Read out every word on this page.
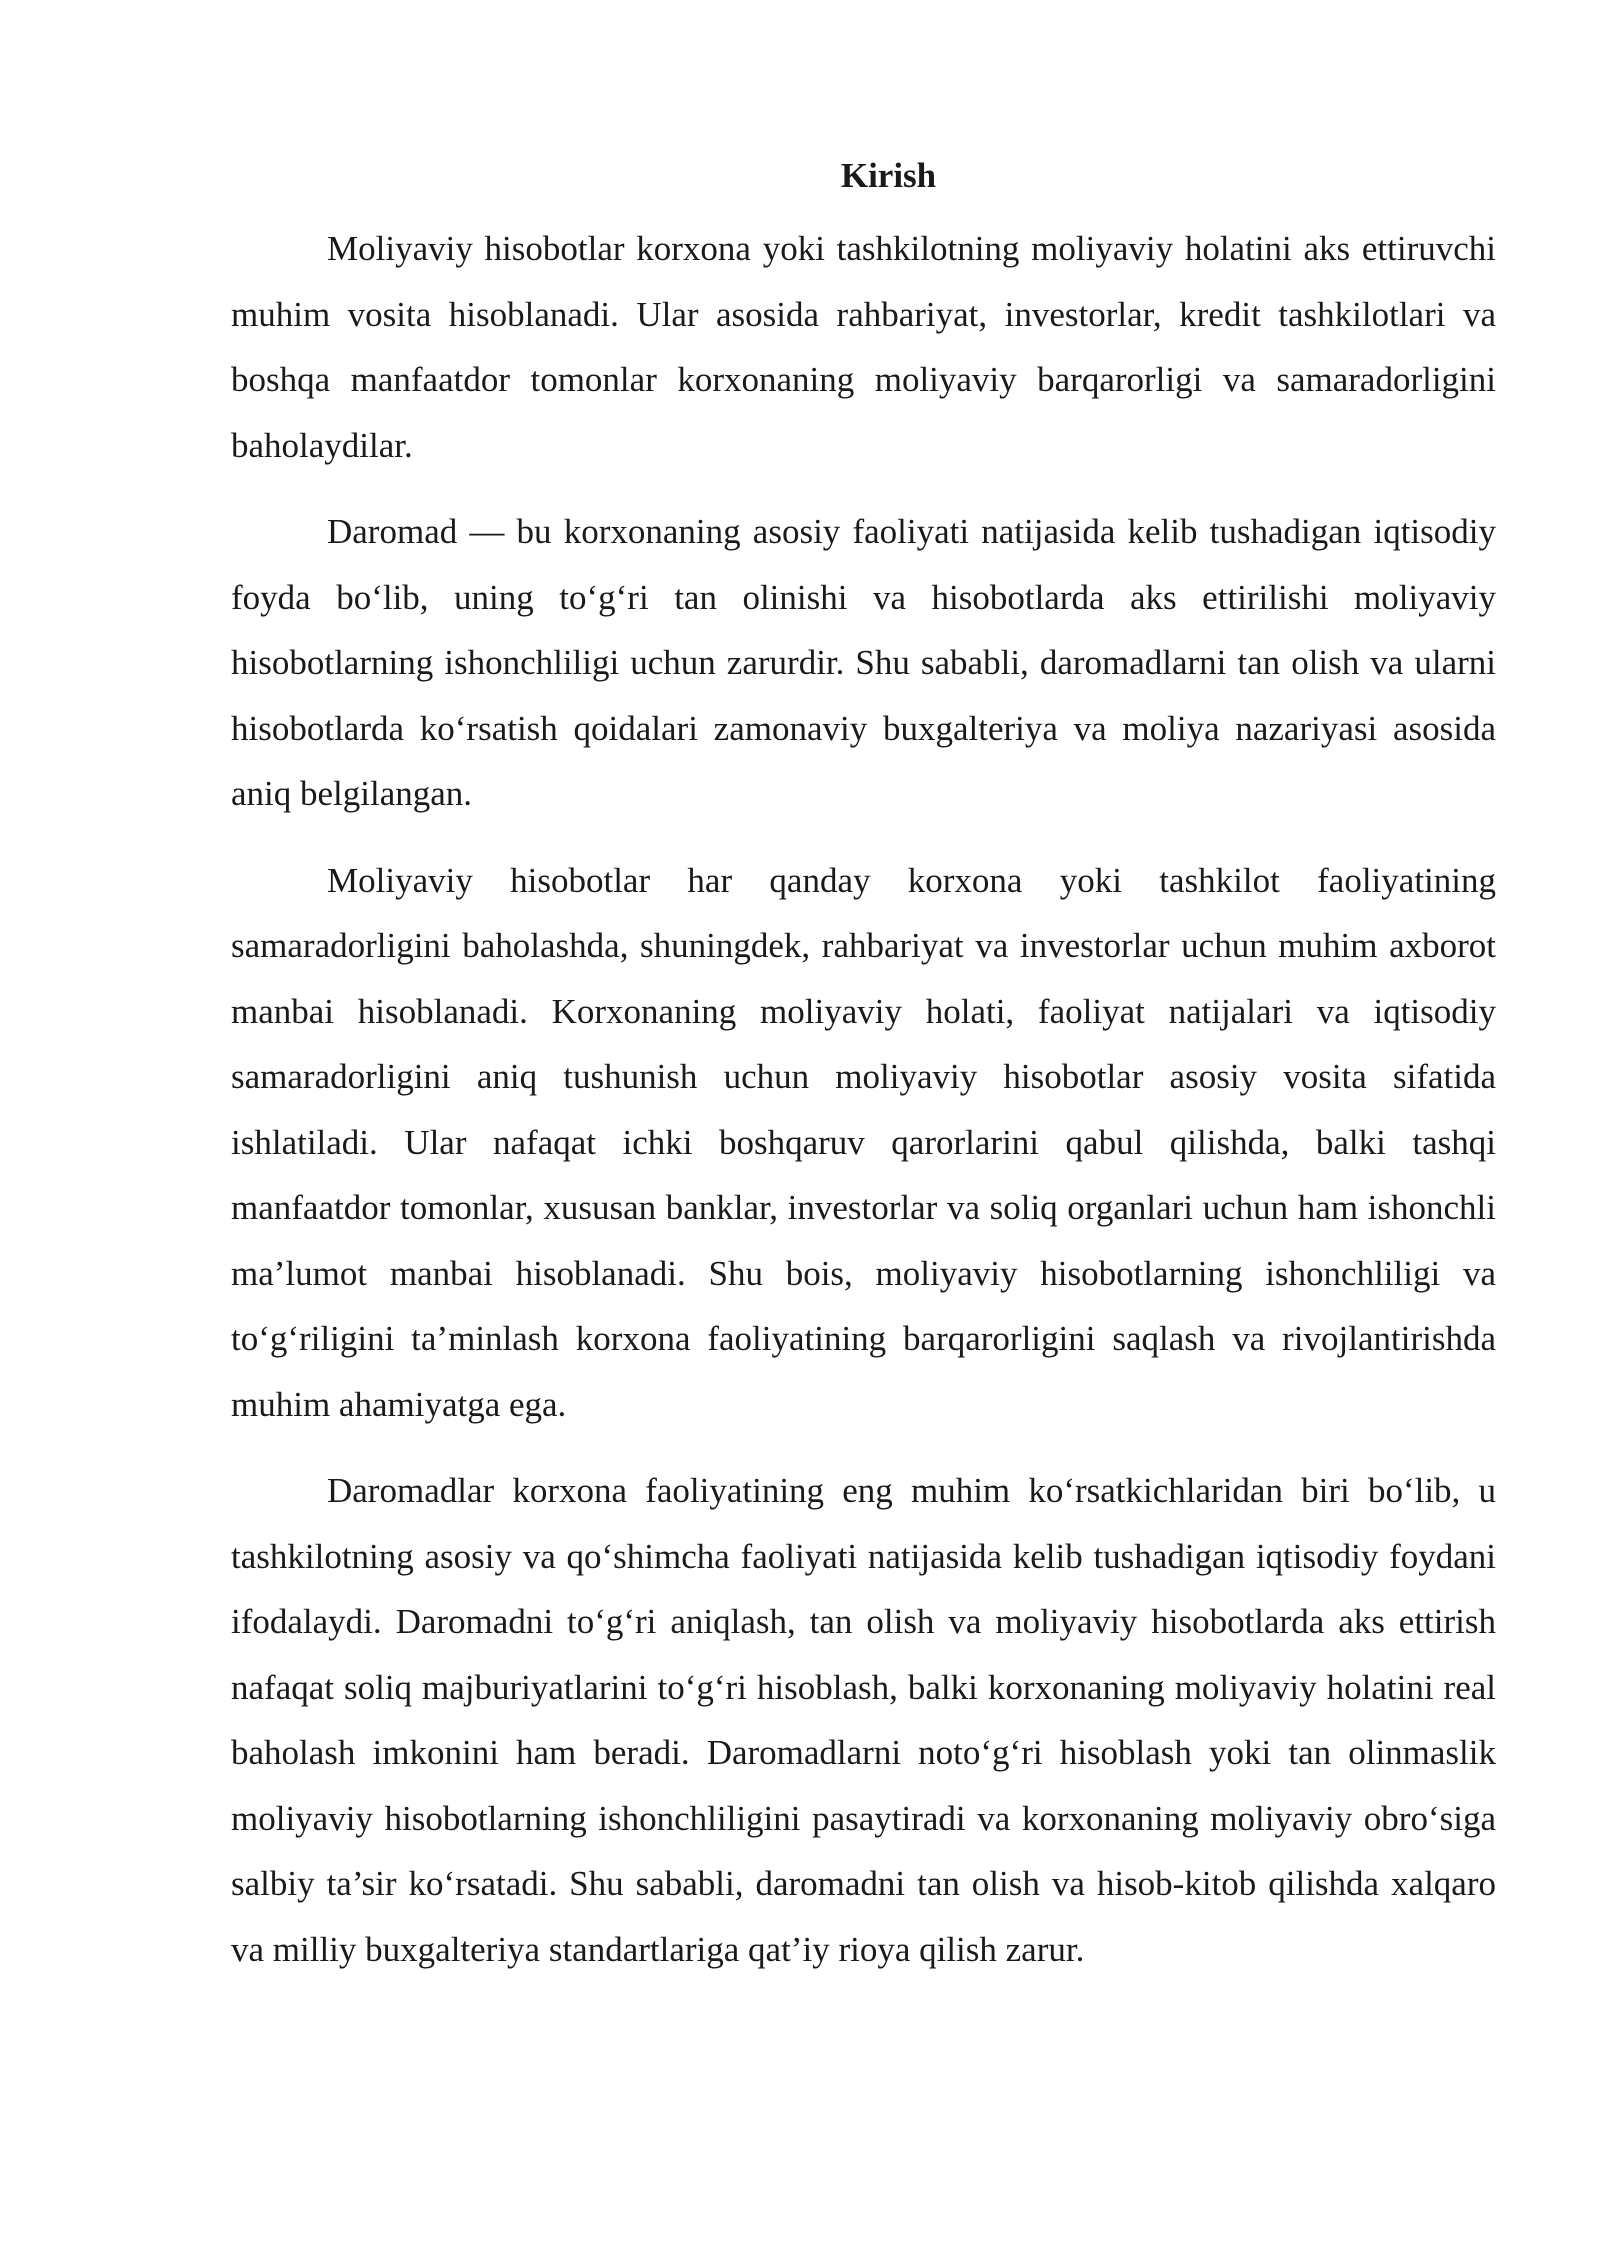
Kirish

Moliyaviy hisobotlar korxona yoki tashkilotning moliyaviy holatini aks ettiruvchi muhim vosita hisoblanadi. Ular asosida rahbariyat, investorlar, kredit tashkilotlari va boshqa manfaatdor tomonlar korxonaning moliyaviy barqarorligi va samaradorligini baholaydilar.

Daromad — bu korxonaning asosiy faoliyati natijasida kelib tushadigan iqtisodiy foyda bo‘lib, uning to‘g‘ri tan olinishi va hisobotlarda aks ettirilishi moliyaviy hisobotlarning ishonchliligi uchun zarurdir. Shu sababli, daromadlarni tan olish va ularni hisobotlarda ko‘rsatish qoidalari zamonaviy buxgalteriya va moliya nazariyasi asosida aniq belgilangan.

Moliyaviy hisobotlar har qanday korxona yoki tashkilot faoliyatining samaradorligini baholashda, shuningdek, rahbariyat va investorlar uchun muhim axborot manbai hisoblanadi. Korxonaning moliyaviy holati, faoliyat natijalari va iqtisodiy samaradorligini aniq tushunish uchun moliyaviy hisobotlar asosiy vosita sifatida ishlatiladi. Ular nafaqat ichki boshqaruv qarorlarini qabul qilishda, balki tashqi manfaatdor tomonlar, xususan banklar, investorlar va soliq organlari uchun ham ishonchli ma’lumot manbai hisoblanadi. Shu bois, moliyaviy hisobotlarning ishonchliligi va to‘g‘riligini ta’minlash korxona faoliyatining barqarorligini saqlash va rivojlantirishda muhim ahamiyatga ega.

Daromadlar korxona faoliyatining eng muhim ko‘rsatkichlaridan biri bo‘lib, u tashkilotning asosiy va qo‘shimcha faoliyati natijasida kelib tushadigan iqtisodiy foydani ifodalaydi. Daromadni to‘g‘ri aniqlash, tan olish va moliyaviy hisobotlarda aks ettirish nafaqat soliq majburiyatlarini to‘g‘ri hisoblash, balki korxonaning moliyaviy holatini real baholash imkonini ham beradi. Daromadlarni noto‘g‘ri hisoblash yoki tan olinmaslik moliyaviy hisobotlarning ishonchliligini pasaytiradi va korxonaning moliyaviy obro‘siga salbiy ta’sir ko‘rsatadi. Shu sababli, daromadni tan olish va hisob-kitob qilishda xalqaro va milliy buxgalteriya standartlariga qat’iy rioya qilish zarur.
